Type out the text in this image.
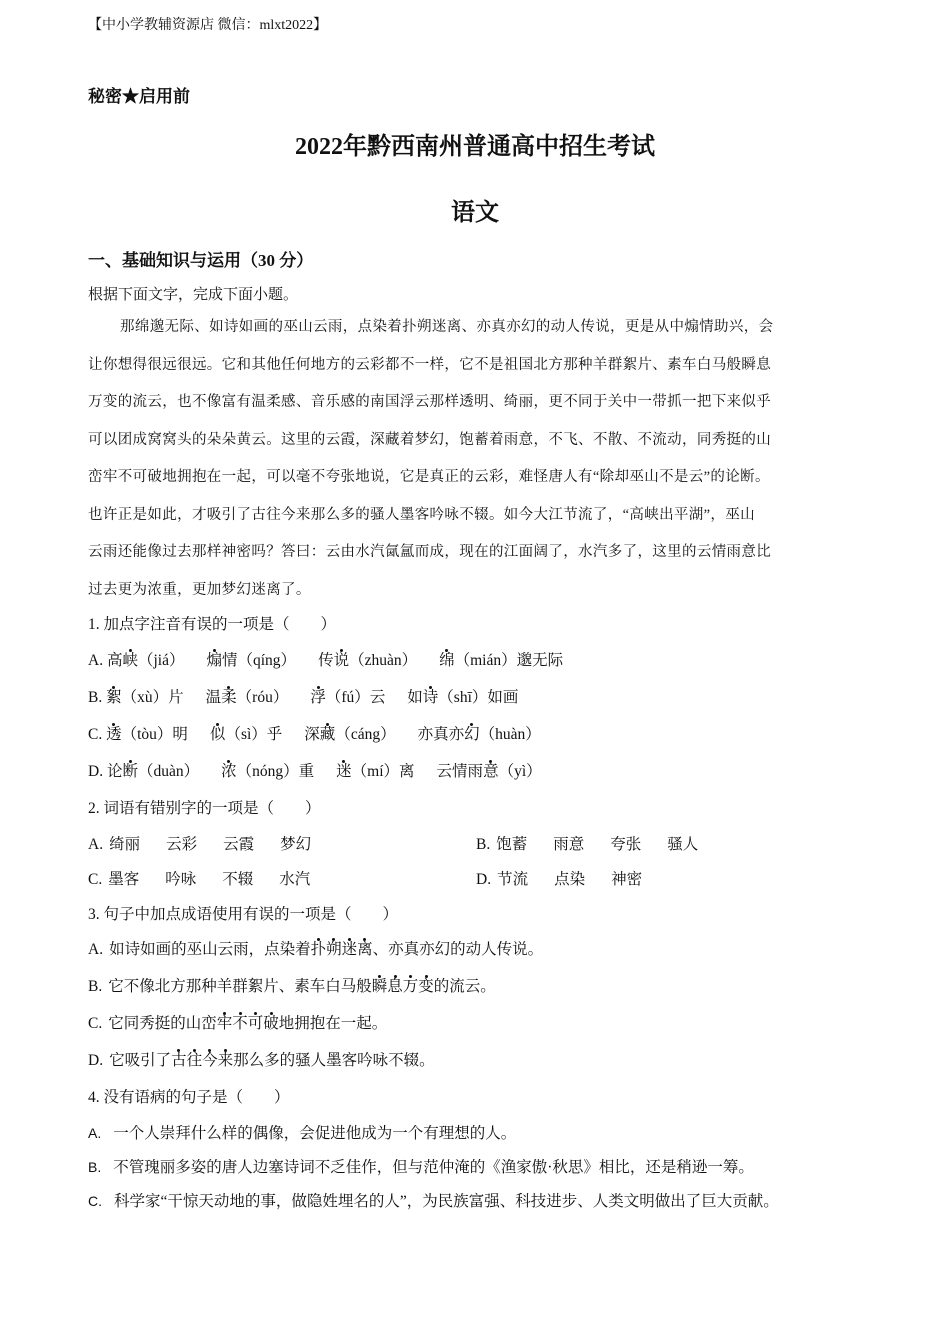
【中小学教辅资源店 微信：mlxt2022】
秘密★启用前
2022年黔西南州普通高中招生考试
语文
一、基础知识与运用（30 分）
根据下面文字，完成下面小题。
那绵邈无际、如诗如画的巫山云雨，点染着扑朔迷离、亦真亦幻的动人传说，更是从中煽情助兴，会
让你想得很远很远。它和其他任何地方的云彩都不一样，它不是祖国北方那种羊群絮片、素车白马般瞬息
万变的流云，也不像富有温柔感、音乐感的南国浮云那样透明、绮丽，更不同于关中一带抓一把下来似乎
可以团成窝窝头的朵朵黄云。这里的云霞，深藏着梦幻，饱蓄着雨意，不飞、不散、不流动，同秀挺的山
峦牢不可破地拥抱在一起，可以毫不夸张地说，它是真正的云彩，难怪唐人有“除却巫山不是云”的论断。
也许正是如此，才吸引了古往今来那么多的骚人墨客吟咏不辍。如今大江节流了，“高峡出平湖”，巫山
云雨还能像过去那样神密吗？答曰：云由水汽氤氲而成，现在的江面阔了，水汽多了，这里的云情雨意比
过去更为浓重，更加梦幻迷离了。
1. 加点字注音有误的一项是（　　）
A. 高峡（jiá） 煽情（qíng） 传说（zhuàn） 绵（mián）邈无际
B. 絮（xù）片 温柔（róu） 浮（fú）云 如诗（shī）如画
C. 透（tòu）明 似（sì）乎 深藏（cáng） 亦真亦幻（huàn）
D. 论断（duàn） 浓（nóng）重 迷（mí）离 云情雨意（yì）
2. 词语有错别字的一项是（　　）
A. 绮丽 云彩 云霞 梦幻	B. 饱蓄 雨意 夸张 骚人
C. 墨客 吟咏 不辍 水汽	D. 节流 点染 神密
3. 句子中加点成语使用有误的一项是（　　）
A. 如诗如画的巫山云雨，点染着扑朔迷离、亦真亦幻的动人传说。
B. 它不像北方那种羊群絮片、素车白马般瞬息万变的流云。
C. 它同秀挺的山峦牢不可破地拥抱在一起。
D. 它吸引了古往今来那么多的骚人墨客吟咏不辍。
4. 没有语病的句子是（　　）
A. 一个人崇拜什么样的偶像，会促进他成为一个有理想的人。
B. 不管瑰丽多姿的唐人边塞诗词不乏佳作，但与范仲淹的《渔家傲·秋思》相比，还是稍逊一筹。
C. 科学家“干惊天动地的事，做隐姓埋名的人”，为民族富强、科技进步、人类文明做出了巨大贡献。
